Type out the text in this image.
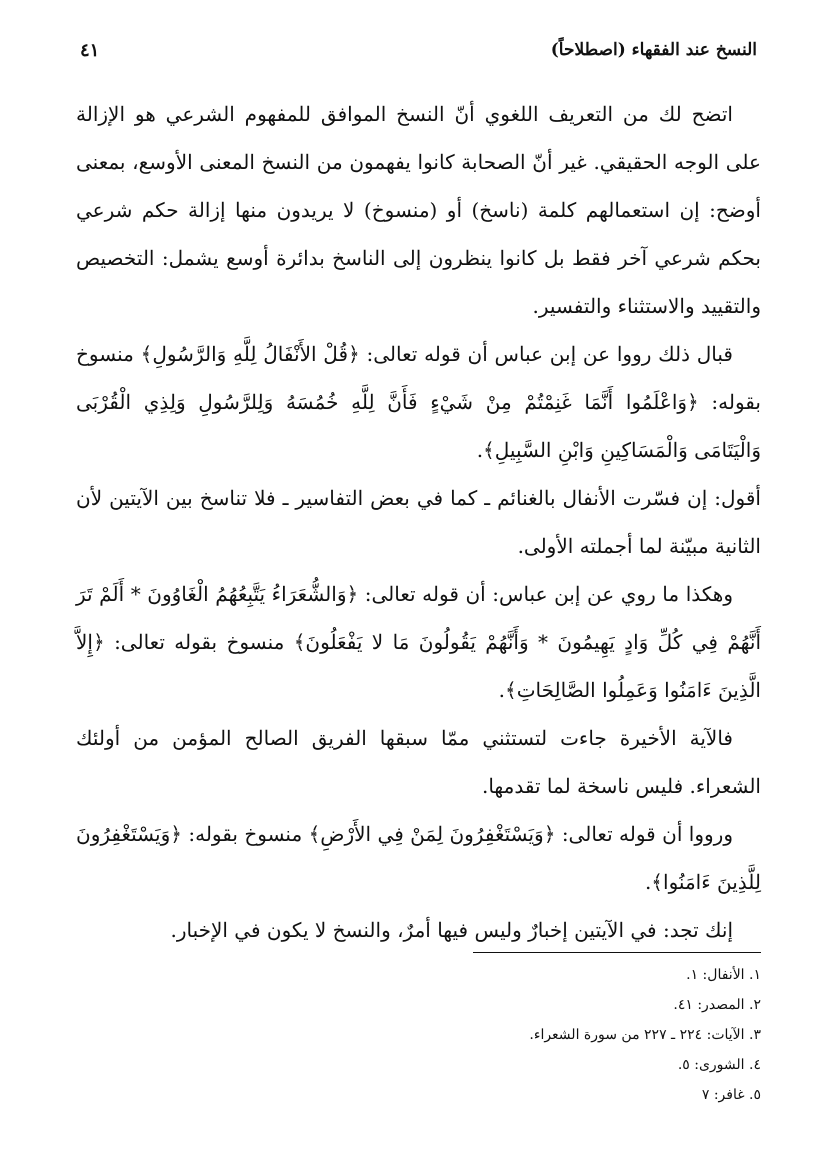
النسخ عند الفقهاء (اصطلاحاً)
٤١

اتضح لك من التعريف اللغوي أنّ النسخ الموافق للمفهوم الشرعي هو الإزالة على الوجه الحقيقي. غير أنّ الصحابة كانوا يفهمون من النسخ المعنى الأوسع، بمعنى أوضح: إن استعمالهم كلمة (ناسخ) أو (منسوخ) لا يريدون منها إزالة حكم شرعي بحكم شرعي آخر فقط بل كانوا ينظرون إلى الناسخ بدائرة أوسع يشمل: التخصيص والتقييد والاستثناء والتفسير.

قبال ذلك رووا عن إبن عباس أن قوله تعالى: ﴿قُلْ الأَنْفَالُ لِلَّهِ وَالرَّسُولِ﴾ منسوخ بقوله: ﴿وَاعْلَمُوا أَنَّمَا غَنِمْتُمْ مِنْ شَيْءٍ فَأَنَّ لِلَّهِ خُمُسَهُ وَلِلرَّسُولِ وَلِذِي الْقُرْبَى وَالْيَتَامَى وَالْمَسَاكِينِ وَابْنِ السَّبِيلِ﴾.

أقول: إن فسّرت الأنفال بالغنائم ـ كما في بعض التفاسير ـ فلا تناسخ بين الآيتين لأن الثانية مبيّنة لما أجملته الأولى.

وهكذا ما روي عن إبن عباس: أن قوله تعالى: ﴿وَالشُّعَرَاءُ يَتَّبِعُهُمُ الْغَاوُونَ * أَلَمْ تَرَ أَنَّهُمْ فِي كُلِّ وَادٍ يَهِيمُونَ * وَأَنَّهُمْ يَقُولُونَ مَا لا يَفْعَلُونَ﴾ منسوخ بقوله تعالى: ﴿إِلاَّ الَّذِينَ ءَامَنُوا وَعَمِلُوا الصَّالِحَاتِ﴾.

فالآية الأخيرة جاءت لتستثني ممّا سبقها الفريق الصالح المؤمن من أولئك الشعراء. فليس ناسخة لما تقدمها.

ورووا أن قوله تعالى: ﴿وَيَسْتَغْفِرُونَ لِمَنْ فِي الأَرْضِ﴾ منسوخ بقوله: ﴿وَيَسْتَغْفِرُونَ لِلَّذِينَ ءَامَنُوا﴾.

إنك تجد: في الآيتين إخبارٌ وليس فيها أمرٌ، والنسخ لا يكون في الإخبار.

١. الأنفال: ١.
٢. المصدر: ٤١.
٣. الآيات: ٢٢٤ ـ ٢٢٧ من سورة الشعراء.
٤. الشورى: ٥.
٥. غافر: ٧
